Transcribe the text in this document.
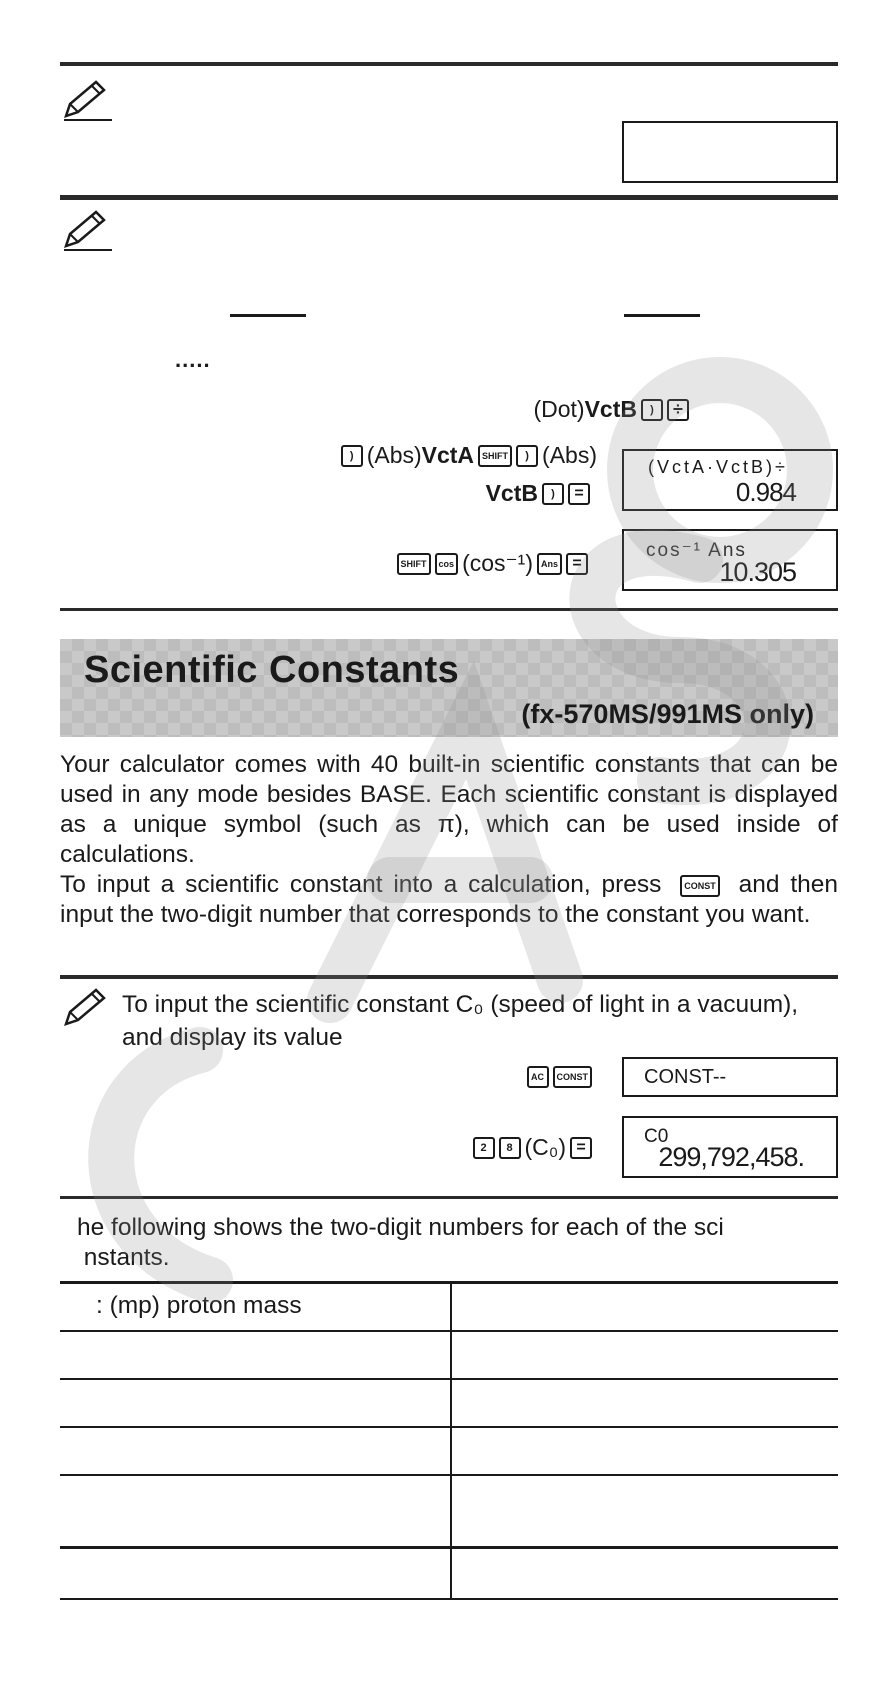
.....
(Dot) VctB	)	÷
) (Abs) VctA SHIFT	) (Abs)
VctB	)	=
(VctA·VctB)÷
0.984
SHIFT	cos (cos⁻¹) Ans =
cos⁻¹ Ans
10.305
Scientific Constants
(fx-570MS/991MS only)

Your calculator comes with 40 built-in scientific constants that can be used in any mode besides BASE. Each scientific constant is displayed as a unique symbol (such as π), which can be used inside of calculations.

To input a scientific constant into a calculation, press	CONST and then input the two-digit number that corresponds to the constant you want.

To input the scientific constant C₀ (speed of light in a vacuum), and display its value
AC	CONST	CONST--
2	8 (C₀) =	C0
299,792,458.
he following shows the two-digit numbers for each of the sci
nstants.
: (mp) proton mass
